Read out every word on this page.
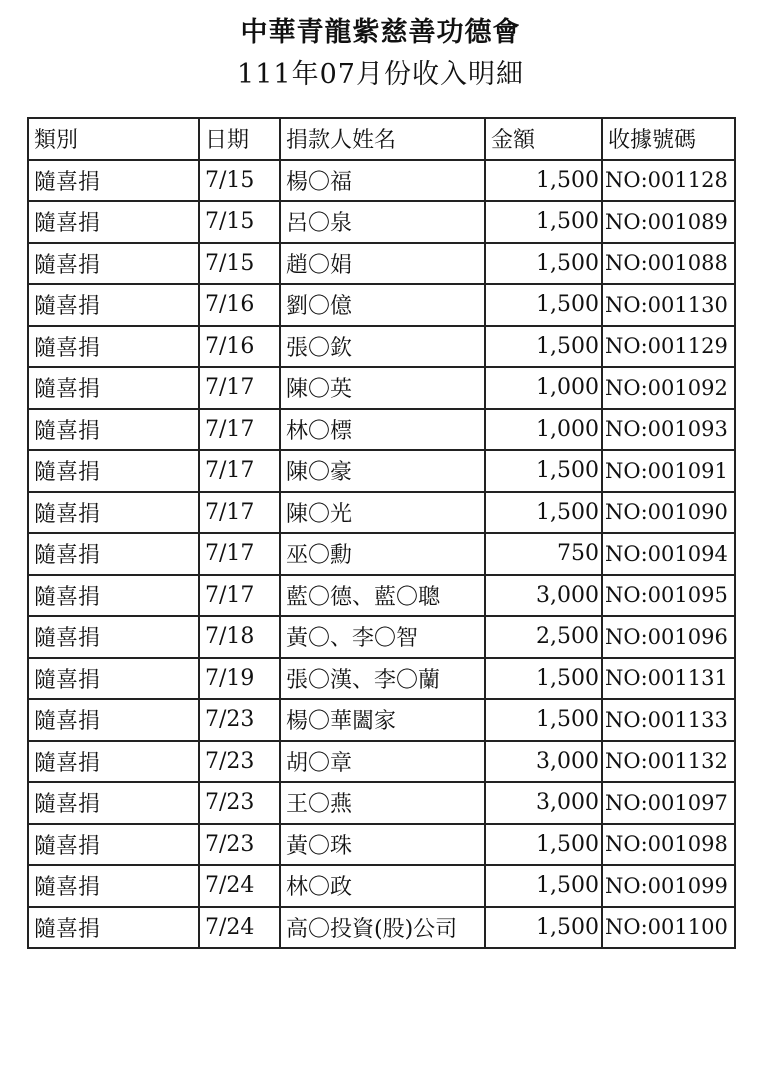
中華青龍紫慈善功德會
111年07月份收入明細
類別	日期	捐款人姓名	金額	收據號碼
隨喜捐	7/15	楊〇福	1,500	NO:001128
隨喜捐	7/15	呂〇泉	1,500	NO:001089
隨喜捐	7/15	趙〇娟	1,500	NO:001088
隨喜捐	7/16	劉〇億	1,500	NO:001130
隨喜捐	7/16	張〇欽	1,500	NO:001129
隨喜捐	7/17	陳〇英	1,000	NO:001092
隨喜捐	7/17	林〇標	1,000	NO:001093
隨喜捐	7/17	陳〇豪	1,500	NO:001091
隨喜捐	7/17	陳〇光	1,500	NO:001090
隨喜捐	7/17	巫〇勳	750	NO:001094
隨喜捐	7/17	藍〇德、藍〇聰	3,000	NO:001095
隨喜捐	7/18	黃〇、李〇智	2,500	NO:001096
隨喜捐	7/19	張〇漢、李〇蘭	1,500	NO:001131
隨喜捐	7/23	楊〇華闔家	1,500	NO:001133
隨喜捐	7/23	胡〇章	3,000	NO:001132
隨喜捐	7/23	王〇燕	3,000	NO:001097
隨喜捐	7/23	黃〇珠	1,500	NO:001098
隨喜捐	7/24	林〇政	1,500	NO:001099
隨喜捐	7/24	高〇投資(股)公司	1,500	NO:001100
